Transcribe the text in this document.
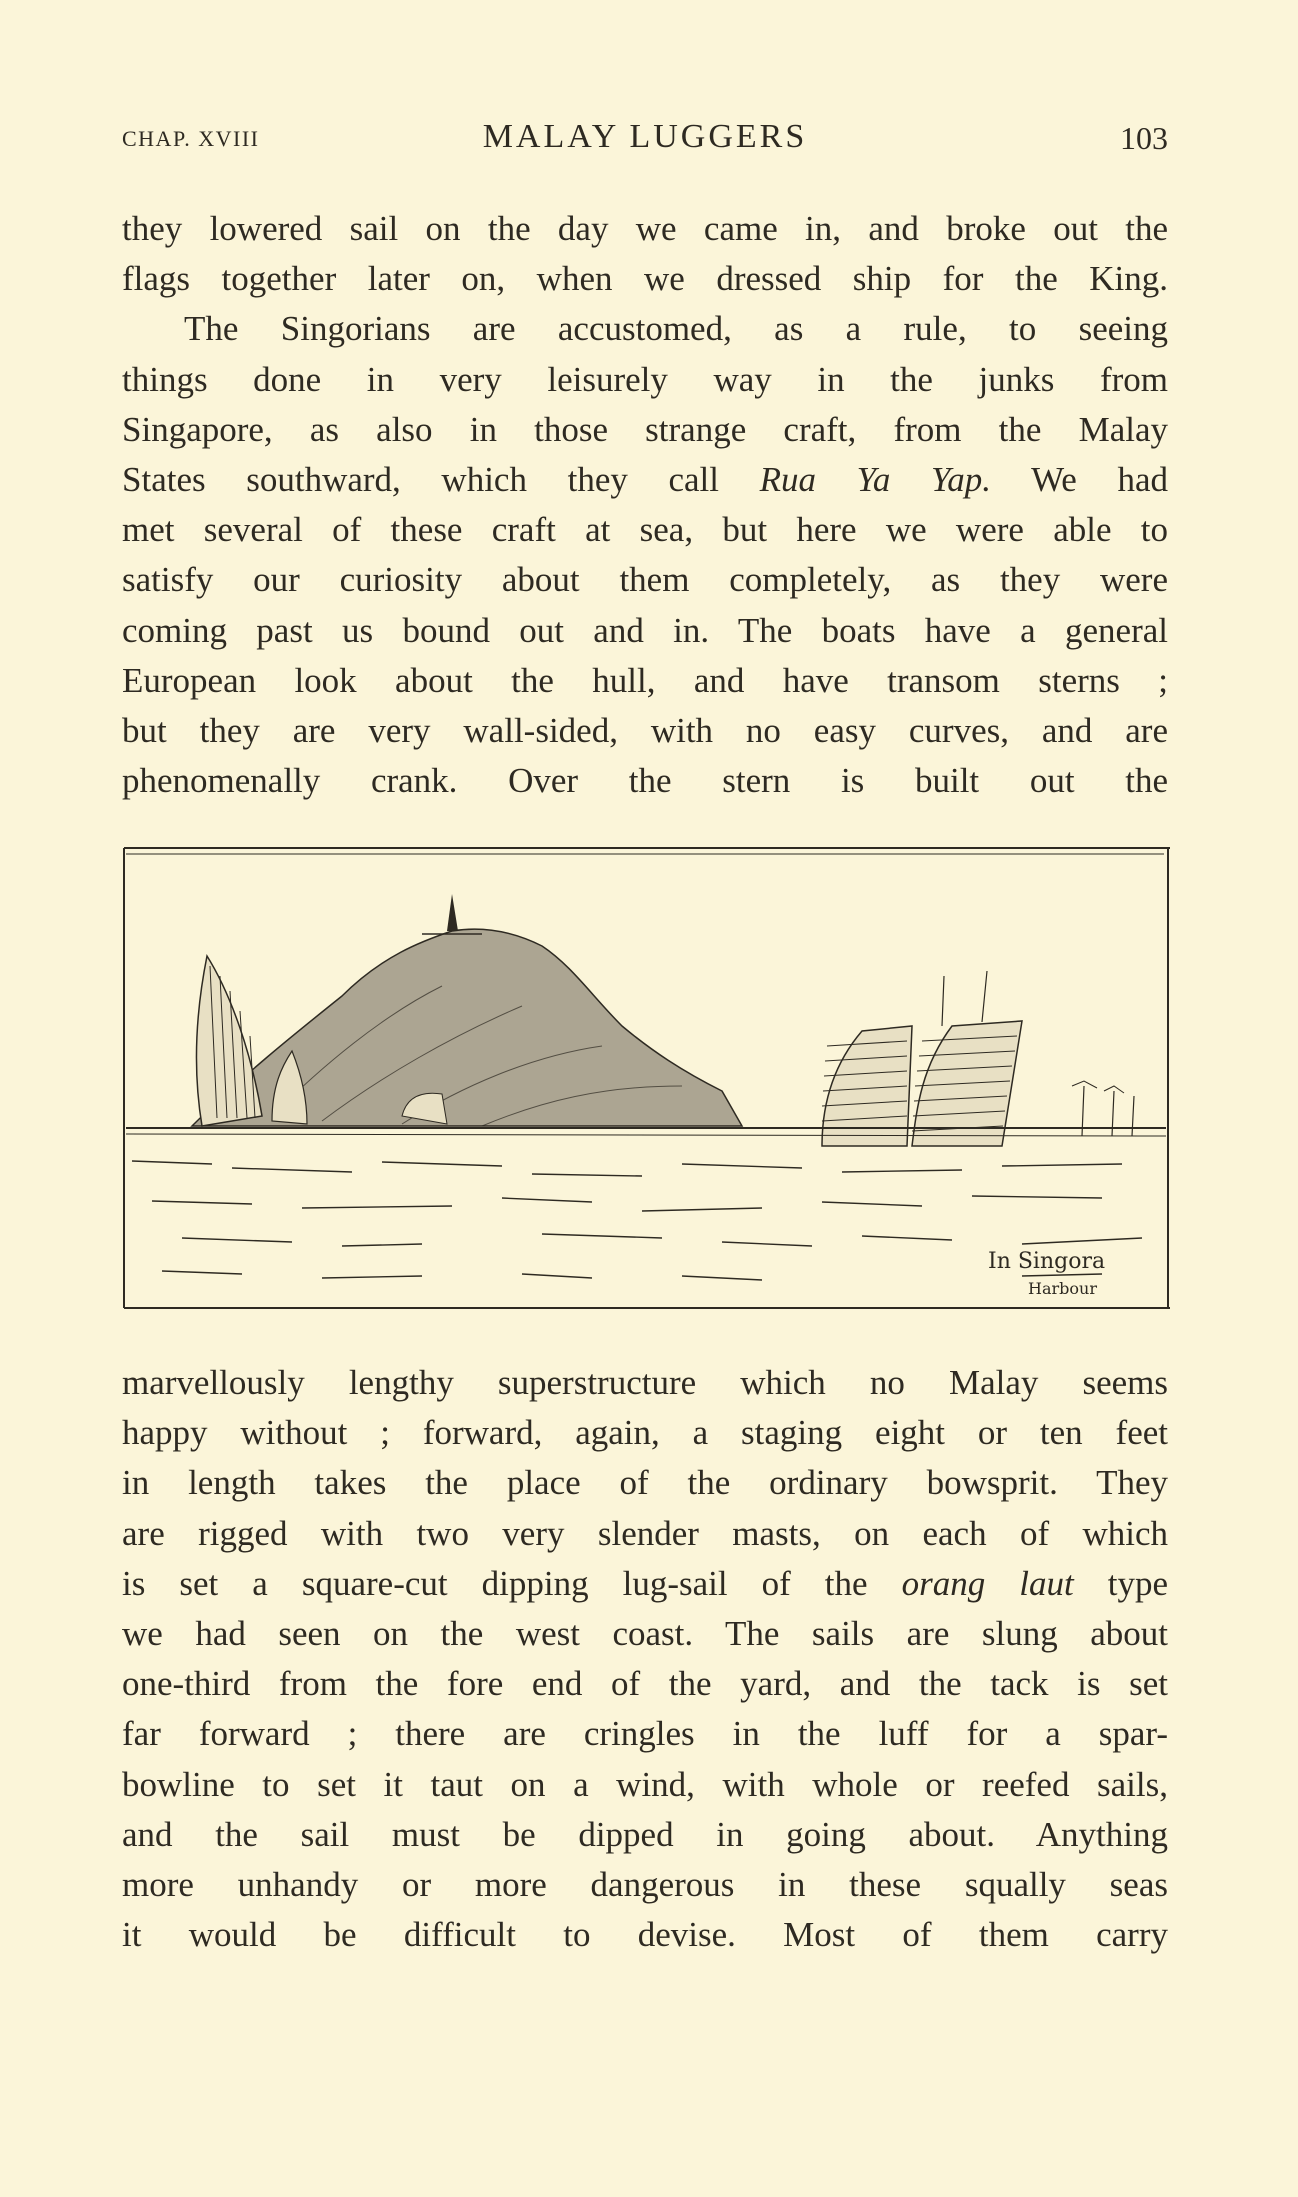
CHAP. XVIII	MALAY LUGGERS	103
they lowered sail on the day we came in, and broke out the
flags together later on, when we dressed ship for the King.
The Singorians are accustomed, as a rule, to seeing
things done in very leisurely way in the junks from
Singapore, as also in those strange craft, from the Malay
States southward, which they call Rua Ya Yap. We had
met several of these craft at sea, but here we were able to
satisfy our curiosity about them completely, as they were
coming past us bound out and in. The boats have a general
European look about the hull, and have transom sterns ;
but they are very wall-sided, with no easy curves, and are
phenomenally crank. Over the stern is built out the
In Singora
Harbour
marvellously lengthy superstructure which no Malay seems
happy without ; forward, again, a staging eight or ten feet
in length takes the place of the ordinary bowsprit. They
are rigged with two very slender masts, on each of which
is set a square-cut dipping lug-sail of the orang laut type
we had seen on the west coast. The sails are slung about
one-third from the fore end of the yard, and the tack is set
far forward ; there are cringles in the luff for a spar-
bowline to set it taut on a wind, with whole or reefed sails,
and the sail must be dipped in going about. Anything
more unhandy or more dangerous in these squally seas
it would be difficult to devise. Most of them carry
